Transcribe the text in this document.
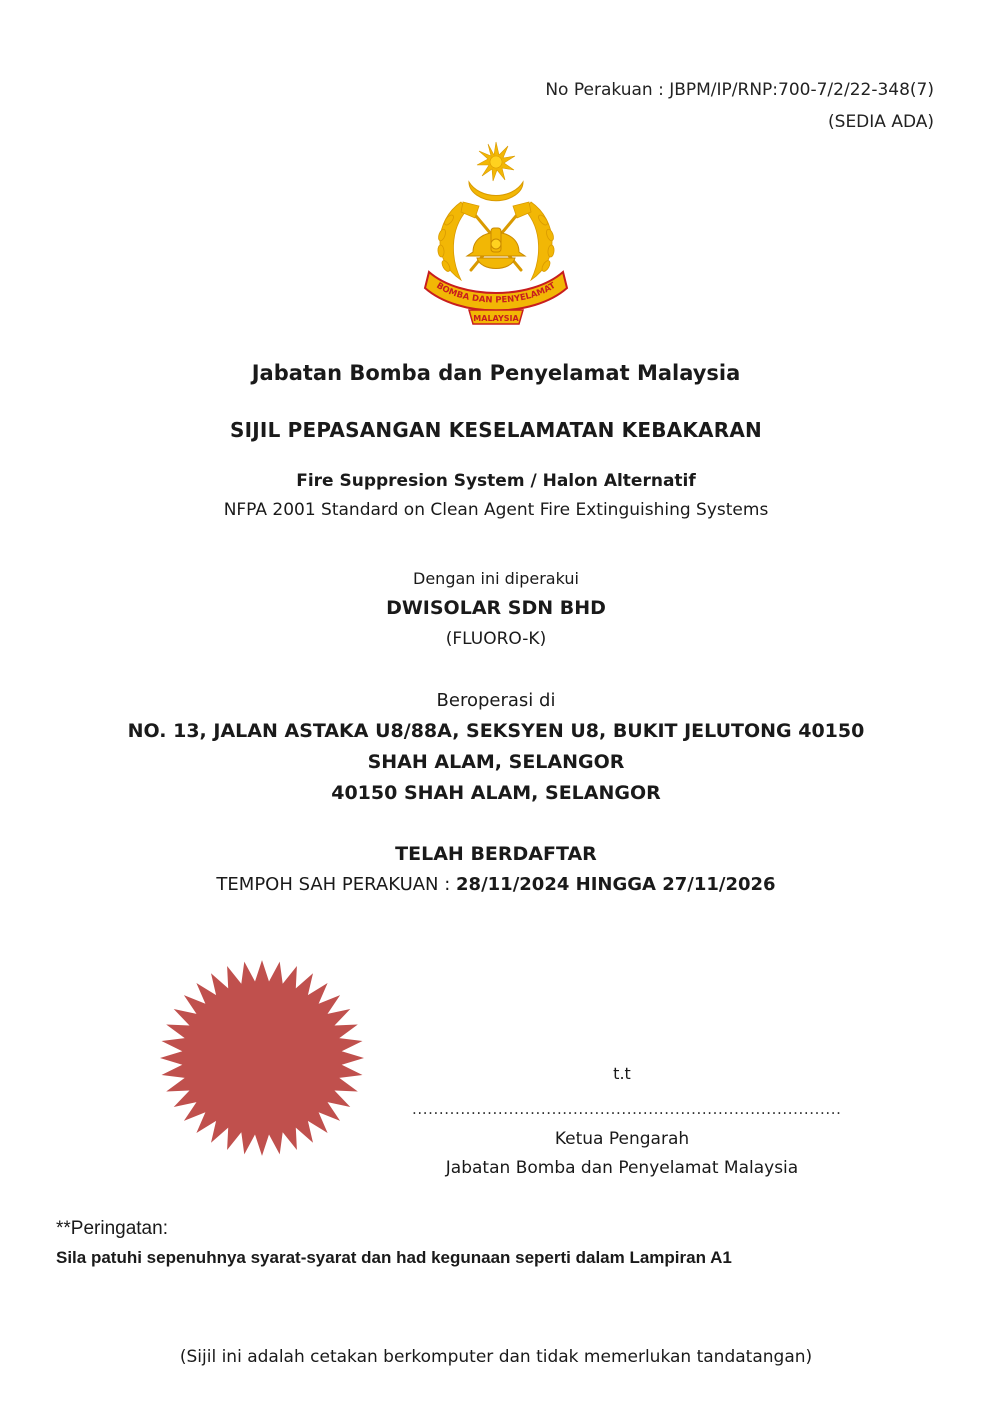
No Perakuan : JBPM/IP/RNP:700-7/2/22-348(7)
(SEDIA ADA)
BOMBA DAN PENYELAMAT
MALAYSIA
Jabatan Bomba dan Penyelamat Malaysia
SIJIL PEPASANGAN KESELAMATAN KEBAKARAN
Fire Suppresion System / Halon Alternatif
NFPA 2001 Standard on Clean Agent Fire Extinguishing Systems
Dengan ini diperakui
DWISOLAR SDN BHD
(FLUORO-K)
Beroperasi di
NO. 13, JALAN ASTAKA U8/88A, SEKSYEN U8, BUKIT JELUTONG 40150
SHAH ALAM, SELANGOR
40150 SHAH ALAM, SELANGOR
TELAH BERDAFTAR
TEMPOH SAH PERAKUAN : 28/11/2024 HINGGA 27/11/2026
t.t
................................................................................
Ketua Pengarah
Jabatan Bomba dan Penyelamat Malaysia
**Peringatan:
Sila patuhi sepenuhnya syarat-syarat dan had kegunaan seperti dalam Lampiran A1
(Sijil ini adalah cetakan berkomputer dan tidak memerlukan tandatangan)
